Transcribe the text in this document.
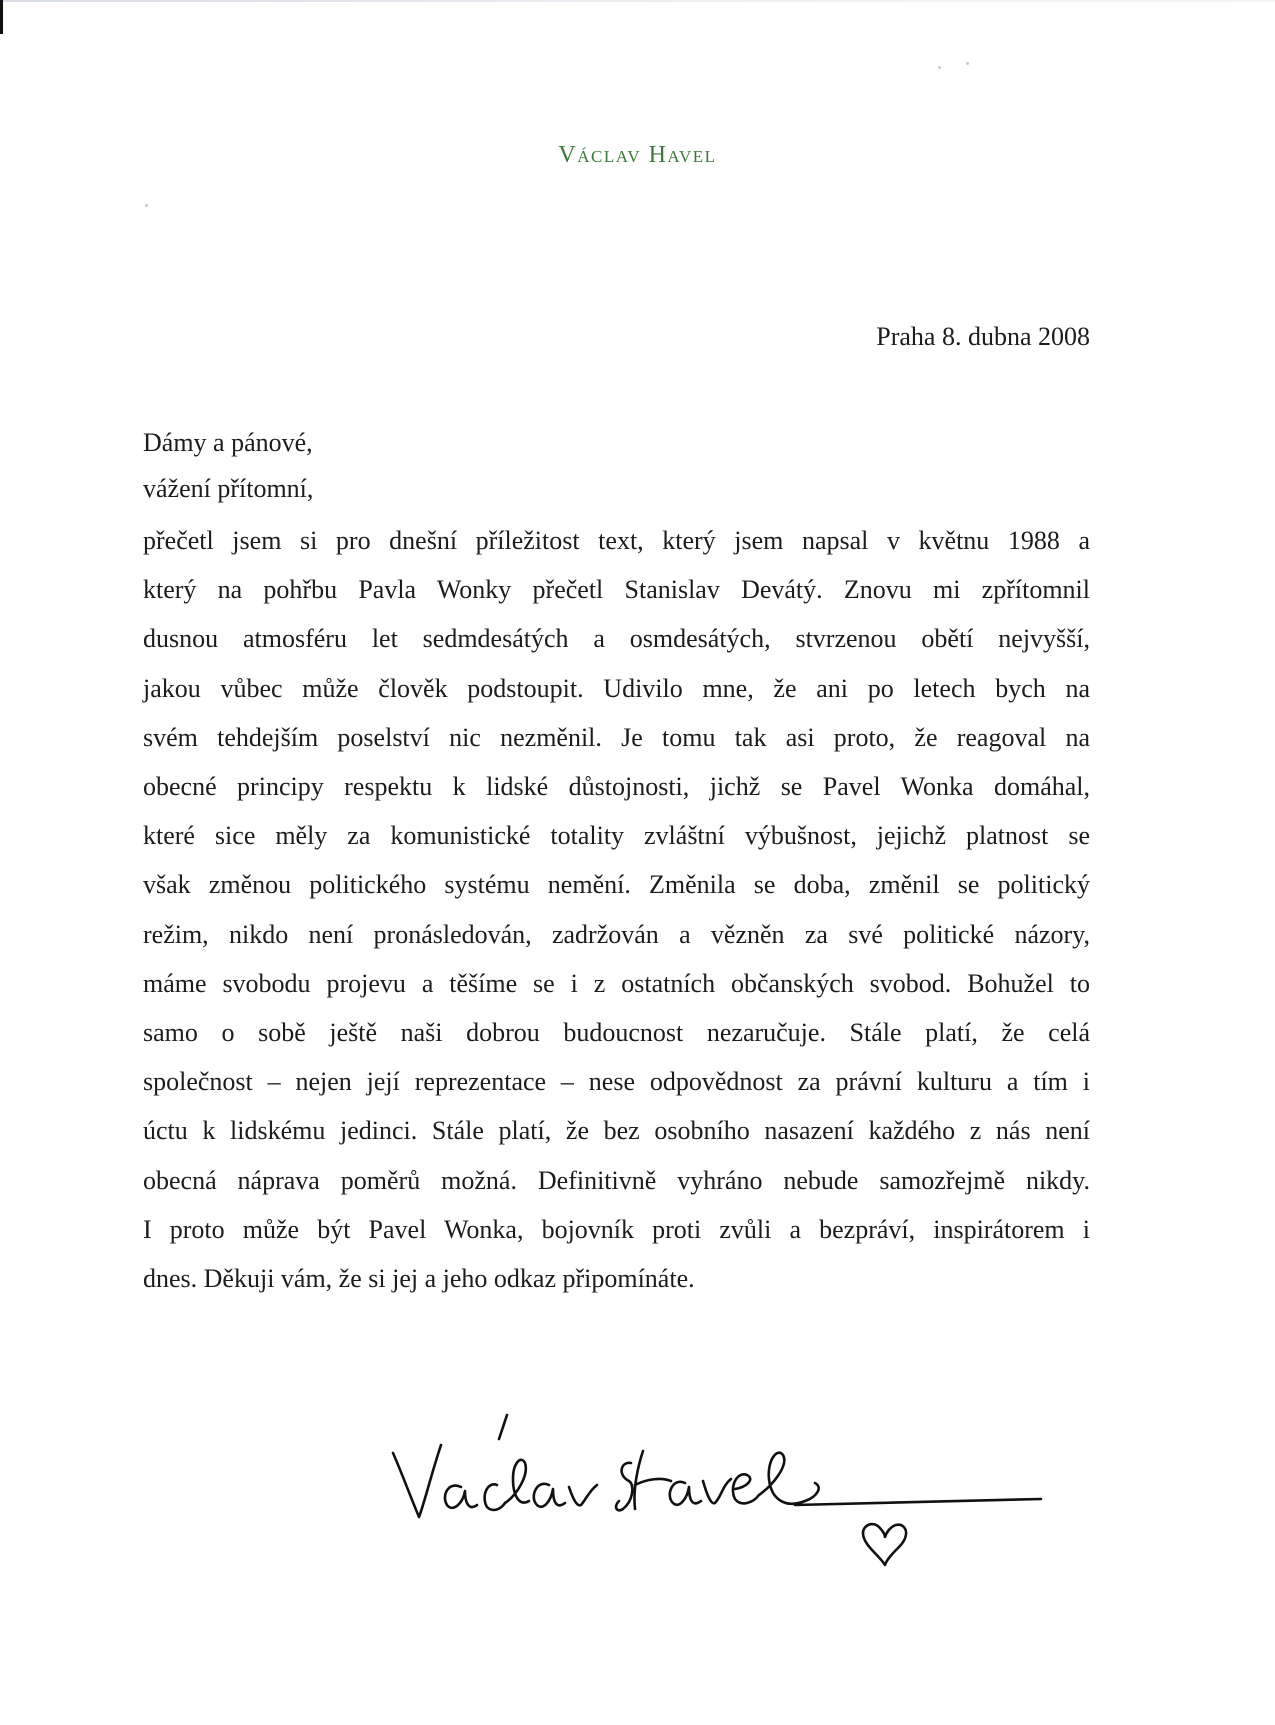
Václav Havel
Praha 8. dubna 2008
Dámy a pánové,
vážení přítomní,
přečetl jsem si pro dnešní příležitost text, který jsem napsal v květnu 1988 a
který na pohřbu Pavla Wonky přečetl Stanislav Devátý. Znovu mi zpřítomnil
dusnou atmosféru let sedmdesátých a osmdesátých, stvrzenou obětí nejvyšší,
jakou vůbec může člověk podstoupit. Udivilo mne, že ani po letech bych na
svém tehdejším poselství nic nezměnil. Je tomu tak asi proto, že reagoval na
obecné principy respektu k lidské důstojnosti, jichž se Pavel Wonka domáhal,
které sice měly za komunistické totality zvláštní výbušnost, jejichž platnost se
však změnou politického systému nemění. Změnila se doba, změnil se politický
režim, nikdo není pronásledován, zadržován a vězněn za své politické názory,
máme svobodu projevu a těšíme se i z ostatních občanských svobod. Bohužel to
samo o sobě ještě naši dobrou budoucnost nezaručuje. Stále platí, že celá
společnost – nejen její reprezentace – nese odpovědnost za právní kulturu a tím i
úctu k lidskému jedinci. Stále platí, že bez osobního nasazení každého z nás není
obecná náprava poměrů možná. Definitivně vyhráno nebude samozřejmě nikdy.
I proto může být Pavel Wonka, bojovník proti zvůli a bezpráví, inspirátorem i
dnes. Děkuji vám, že si jej a jeho odkaz připomínáte.
